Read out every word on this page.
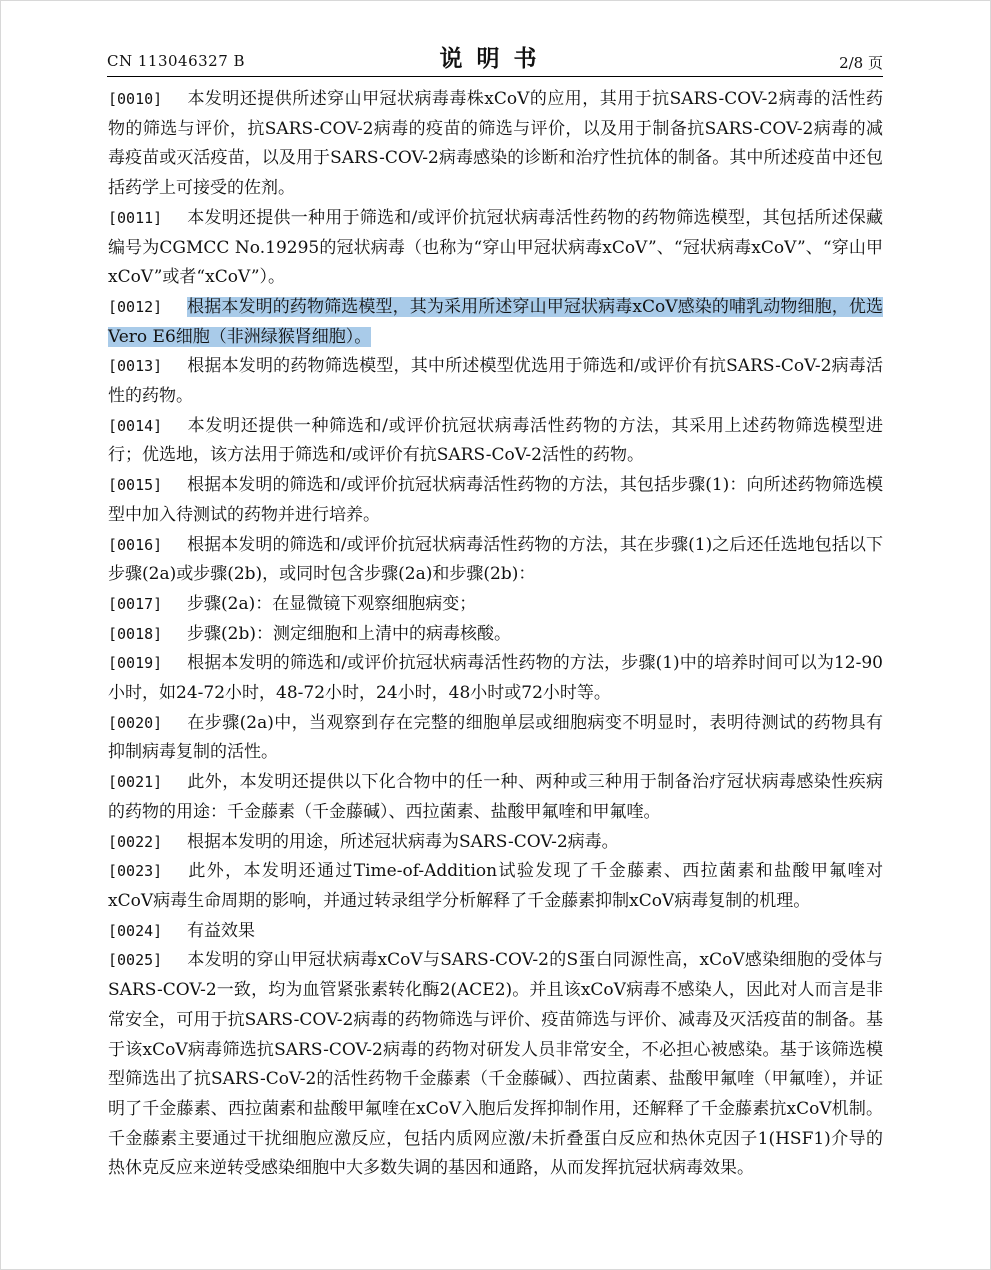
CN 113046327 B	说明书	2/8 页

[0010] 本发明还提供所述穿山甲冠状病毒毒株xCoV的应用，其用于抗SARS-COV-2病毒的活性药物的筛选与评价，抗SARS-COV-2病毒的疫苗的筛选与评价，以及用于制备抗SARS-COV-2病毒的减毒疫苗或灭活疫苗，以及用于SARS-COV-2病毒感染的诊断和治疗性抗体的制备。其中所述疫苗中还包括药学上可接受的佐剂。

[0011] 本发明还提供一种用于筛选和/或评价抗冠状病毒活性药物的药物筛选模型，其包括所述保藏编号为CGMCC No.19295的冠状病毒（也称为“穿山甲冠状病毒xCoV”、“冠状病毒xCoV”、“穿山甲xCoV”或者“xCoV”）。

[0012] 根据本发明的药物筛选模型，其为采用所述穿山甲冠状病毒xCoV感染的哺乳动物细胞，优选Vero E6细胞（非洲绿猴肾细胞）。

[0013] 根据本发明的药物筛选模型，其中所述模型优选用于筛选和/或评价有抗SARS-CoV-2病毒活性的药物。

[0014] 本发明还提供一种筛选和/或评价抗冠状病毒活性药物的方法，其采用上述药物筛选模型进行；优选地，该方法用于筛选和/或评价有抗SARS-CoV-2活性的药物。

[0015] 根据本发明的筛选和/或评价抗冠状病毒活性药物的方法，其包括步骤(1)：向所述药物筛选模型中加入待测试的药物并进行培养。

[0016] 根据本发明的筛选和/或评价抗冠状病毒活性药物的方法，其在步骤(1)之后还任选地包括以下步骤(2a)或步骤(2b)，或同时包含步骤(2a)和步骤(2b)：

[0017] 步骤(2a)：在显微镜下观察细胞病变；

[0018] 步骤(2b)：测定细胞和上清中的病毒核酸。

[0019] 根据本发明的筛选和/或评价抗冠状病毒活性药物的方法，步骤(1)中的培养时间可以为12-90小时，如24-72小时，48-72小时，24小时，48小时或72小时等。

[0020] 在步骤(2a)中，当观察到存在完整的细胞单层或细胞病变不明显时，表明待测试的药物具有抑制病毒复制的活性。

[0021] 此外，本发明还提供以下化合物中的任一种、两种或三种用于制备治疗冠状病毒感染性疾病的药物的用途：千金藤素（千金藤碱）、西拉菌素、盐酸甲氟喹和甲氟喹。

[0022] 根据本发明的用途，所述冠状病毒为SARS-COV-2病毒。

[0023] 此外，本发明还通过Time-of-Addition试验发现了千金藤素、西拉菌素和盐酸甲氟喹对xCoV病毒生命周期的影响，并通过转录组学分析解释了千金藤素抑制xCoV病毒复制的机理。

[0024] 有益效果

[0025] 本发明的穿山甲冠状病毒xCoV与SARS-COV-2的S蛋白同源性高，xCoV感染细胞的受体与SARS-COV-2一致，均为血管紧张素转化酶2(ACE2)。并且该xCoV病毒不感染人，因此对人而言是非常安全，可用于抗SARS-COV-2病毒的药物筛选与评价、疫苗筛选与评价、减毒及灭活疫苗的制备。基于该xCoV病毒筛选抗SARS-COV-2病毒的药物对研发人员非常安全，不必担心被感染。基于该筛选模型筛选出了抗SARS-CoV-2的活性药物千金藤素（千金藤碱）、西拉菌素、盐酸甲氟喹（甲氟喹），并证明了千金藤素、西拉菌素和盐酸甲氟喹在xCoV入胞后发挥抑制作用，还解释了千金藤素抗xCoV机制。千金藤素主要通过干扰细胞应激反应，包括内质网应激/未折叠蛋白反应和热休克因子1(HSF1)介导的热休克反应来逆转受感染细胞中大多数失调的基因和通路，从而发挥抗冠状病毒效果。
